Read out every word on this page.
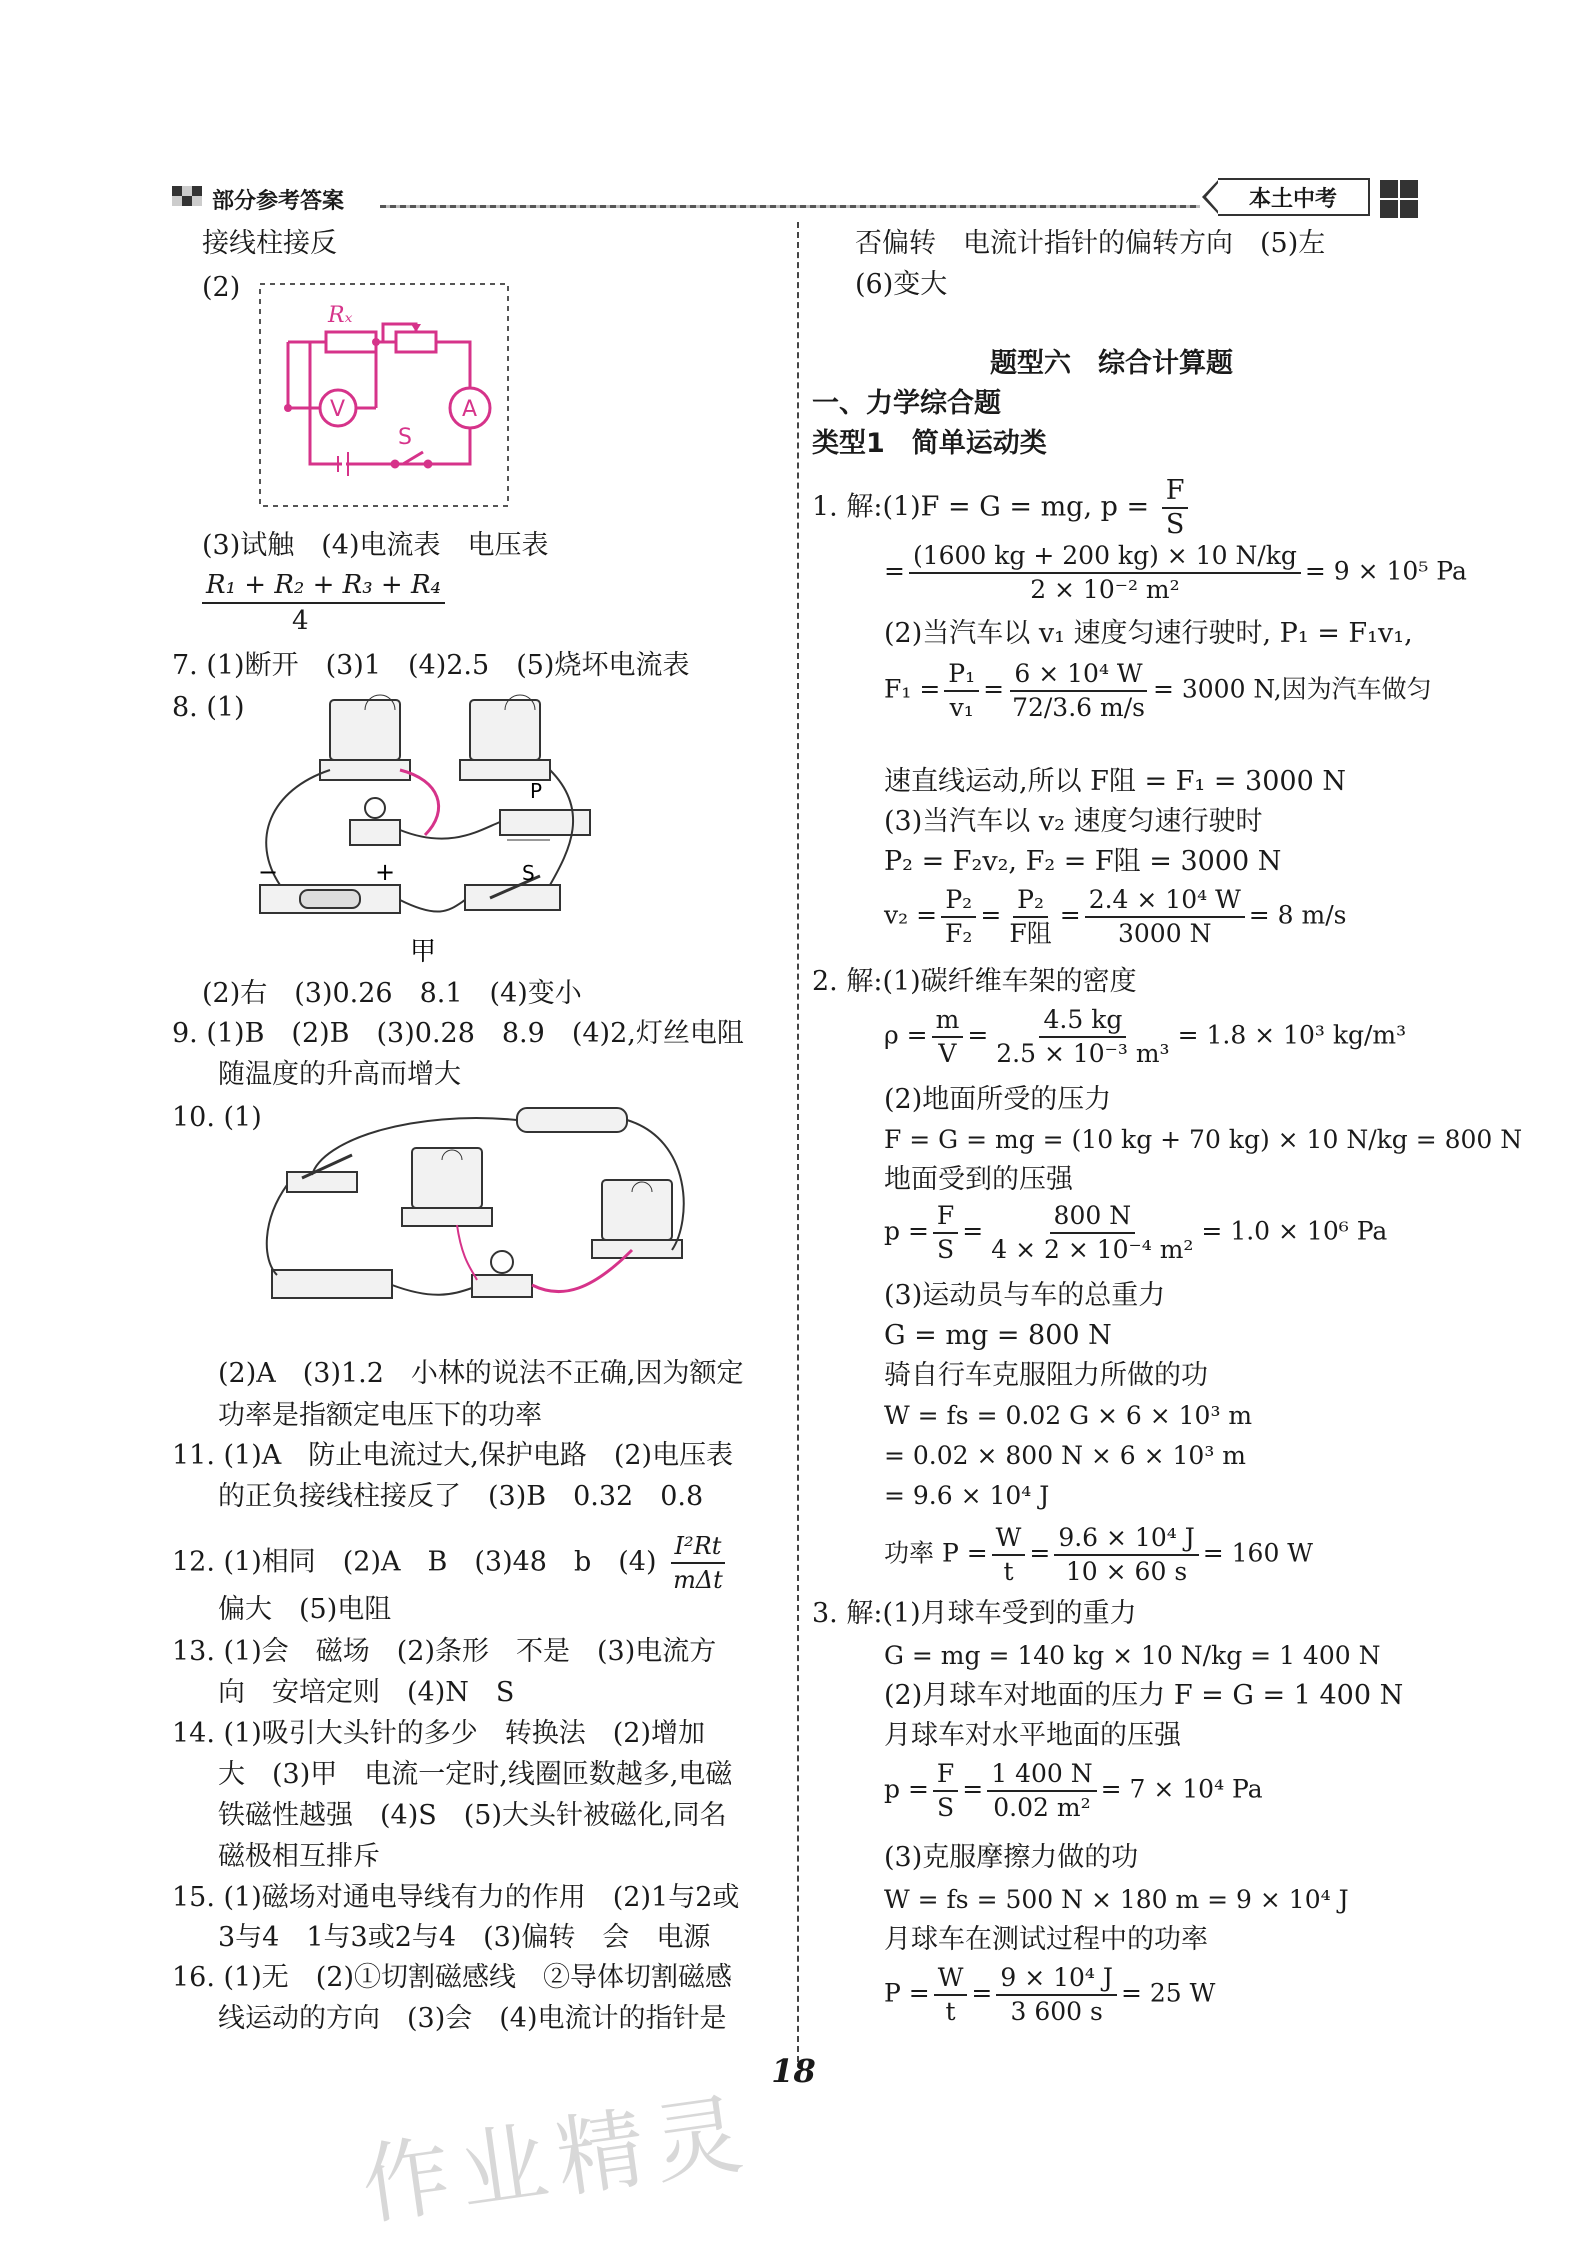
部分参考答案	本土中考
接线柱接反
(2)
Rₓ
V	A
S
(3)试触　(4)电流表　电压表
R₁ + R₂ + R₃ + R₄
4
7. (1)断开　(3)1　(4)2.5　(5)烧坏电流表
8. (1)
P
S
−	+
甲
(2)右　(3)0.26　8.1　(4)变小
9. (1)B　(2)B　(3)0.28　8.9　(4)2,灯丝电阻
随温度的升高而增大
10. (1)
(2)A　(3)1.2　小林的说法不正确,因为额定
功率是指额定电压下的功率
11. (1)A　防止电流过大,保护电路　(2)电压表
的正负接线柱接反了　(3)B　0.32　0.8
12. (1)相同　(2)A　B　(3)48　b　$(4) \frac{\text{I²Rt}}{\text{mΔt}}$
偏大　(5)电阻
13. (1)会　磁场　(2)条形　不是　(3)电流方
向　安培定则　(4)N　S
14. (1)吸引大头针的多少　转换法　(2)增加
大　(3)甲　电流一定时,线圈匝数越多,电磁
铁磁性越强　(4)S　(5)大头针被磁化,同名
磁极相互排斥
15. (1)磁场对通电导线有力的作用　(2)1与2或
3与4　1与3或2与4　(3)偏转　会　电源
16. (1)无　(2)①切割磁感线　②导体切割磁感
线运动的方向　(3)会　(4)电流计的指针是
否偏转　电流计指针的偏转方向　(5)左
(6)变大
题型六　综合计算题
一、力学综合题
类型1　简单运动类
1. 解:(1)F = G = mg, $p = \frac{F}{S}$
= $\frac{(1600 kg + 200 kg) \times 10 N/kg}{\text{2 × 10⁻² m²}} = 9 \times 10^5$ Pa
(2)当汽车以 v₁ 速度匀速行驶时, P₁ = F₁v₁,
$F_1 = \frac{\text{P₁}}{\text{v₁}} = \frac{\text{6 × 10⁴ W}}{72/3.6 m/s} = 3000$ N,因为汽车做匀
速直线运动,所以 F阻 = F₁ = 3000 N
(3)当汽车以 v₂ 速度匀速行驶时
P₂ = F₂v₂, F₂ = F阻 = 3000 N
$v_2 = \frac{\text{P₂}}{\text{F₂}} = \frac{\text{P₂}}{\text{F阻}} = \frac{\text{2.4 × 10⁴ W}}{3000 N} = 8$ m/s
2. 解:(1)碳纤维车架的密度
$\rho = \frac{m}{V} = \frac{4.5 kg}{\text{2.5 × 10⁻³ m³}} = 1.8 \times 10^3$ kg/m³
(2)地面所受的压力
F = G = mg = (10 kg + 70 kg) × 10 N/kg = 800 N
地面受到的压强
$p = \frac{F}{S} = \frac{800 N}{\text{4 × 2 × 10⁻⁴ m²}} = 1.0 \times 10^6$ Pa
(3)运动员与车的总重力
G = mg = 800 N
骑自行车克服阻力所做的功
W = fs = 0.02 G × 6 × 10³ m
= 0.02 × 800 N × 6 × 10³ m
= 9.6 × 10⁴ J
功率 $P = \frac{W}{t} = \frac{\text{9.6 × 10⁴ J}}{10 \times 60 s} = 160$ W
3. 解:(1)月球车受到的重力
G = mg = 140 kg × 10 N/kg = 1 400 N
(2)月球车对地面的压力 F = G = 1 400 N
月球车对水平地面的压强
$p = \frac{F}{S} = \frac{1 400 N}{\text{0.02 m²}} = 7 \times 10^4$ Pa
(3)克服摩擦力做的功
W = fs = 500 N × 180 m = 9 × 10⁴ J
月球车在测试过程中的功率
$P = \frac{W}{t} = \frac{\text{9 × 10⁴ J}}{3 600 s} = 25$ W
18
作业精灵
